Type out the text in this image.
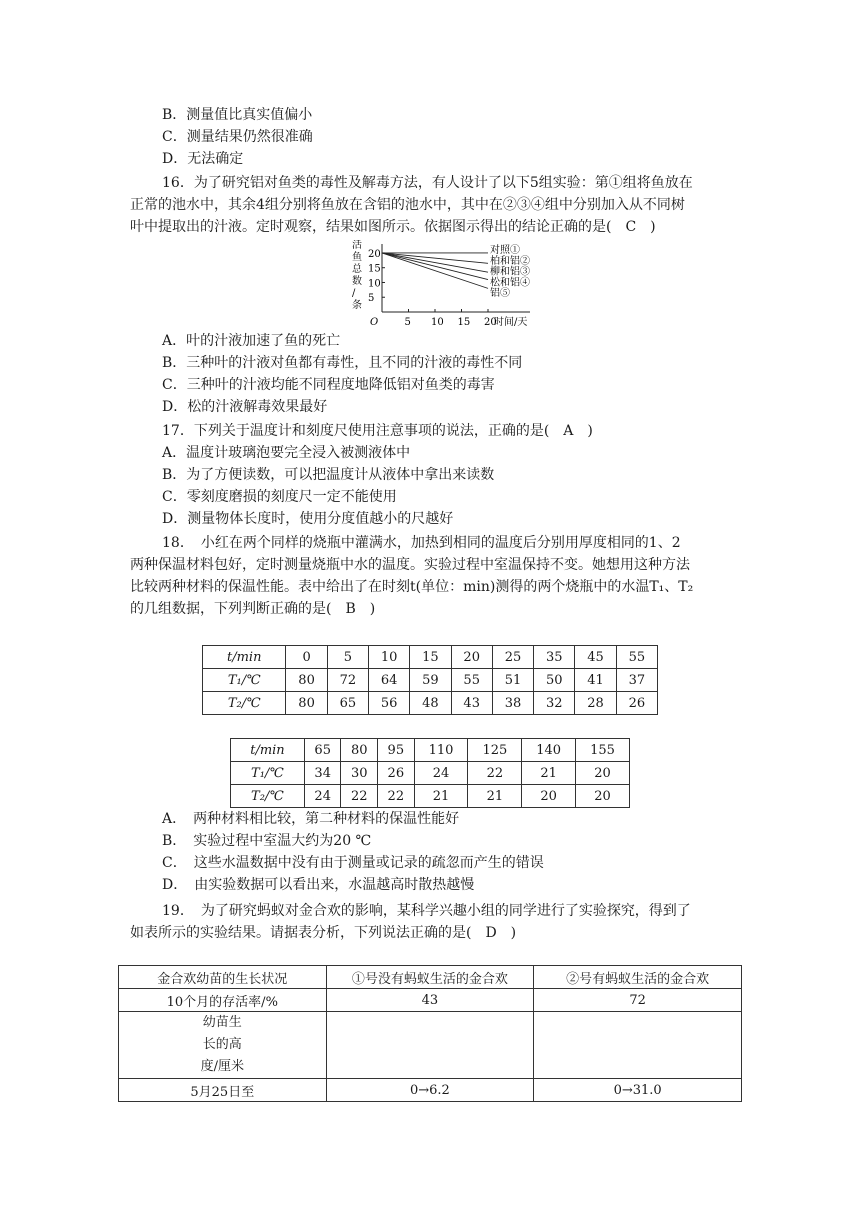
B．测量值比真实值偏小
C．测量结果仍然很准确
D．无法确定
16．为了研究铝对鱼类的毒性及解毒方法，有人设计了以下5组实验：第①组将鱼放在
正常的池水中，其余4组分别将鱼放在含铝的池水中，其中在②③④组中分别加入从不同树
叶中提取出的汁液。定时观察，结果如图所示。依据图示得出的结论正确的是(　C　)
O	5 10 15 20
时间/天
5
10
15
20
活
鱼
总
数
/
条
对照①
柏和铝②
柳和铝③
松和铝④
铝⑤
A．叶的汁液加速了鱼的死亡
B．三种叶的汁液对鱼都有毒性，且不同的汁液的毒性不同
C．三种叶的汁液均能不同程度地降低铝对鱼类的毒害
D．松的汁液解毒效果最好
17．下列关于温度计和刻度尺使用注意事项的说法，正确的是(　A　)
A．温度计玻璃泡要完全浸入被测液体中
B．为了方便读数，可以把温度计从液体中拿出来读数
C．零刻度磨损的刻度尺一定不能使用
D．测量物体长度时，使用分度值越小的尺越好
18．　小红在两个同样的烧瓶中灌满水，加热到相同的温度后分别用厚度相同的1、2
两种保温材料包好，定时测量烧瓶中水的温度。实验过程中室温保持不变。她想用这种方法
比较两种材料的保温性能。表中给出了在时刻t(单位：min)测得的两个烧瓶中的水温T₁、T₂
的几组数据，下列判断正确的是(　B　)
t/min	0	5	10	15	20	25	35	45	55
T₁/℃	80	72	64	59	55	51	50	41	37
T₂/℃	80	65	56	48	43	38	32	28	26
t/min	65	80	95	110	125	140	155
T₁/℃	34	30	26	24	22	21	20
T₂/℃	24	22	22	21	21	20	20
A．　两种材料相比较，第二种材料的保温性能好
B．　实验过程中室温大约为20 ℃
C．　这些水温数据中没有由于测量或记录的疏忽而产生的错误
D．　由实验数据可以看出来，水温越高时散热越慢
19．　为了研究蚂蚁对金合欢的影响，某科学兴趣小组的同学进行了实验探究，得到了
如表所示的实验结果。请据表分析，下列说法正确的是(　D　)
金合欢幼苗的生长状况	①号没有蚂蚁生活的金合欢	②号有蚂蚁生活的金合欢
10个月的存活率/%	43	72

幼苗生
长的高
度/厘米		

5月25日至	0→6.2	0→31.0
